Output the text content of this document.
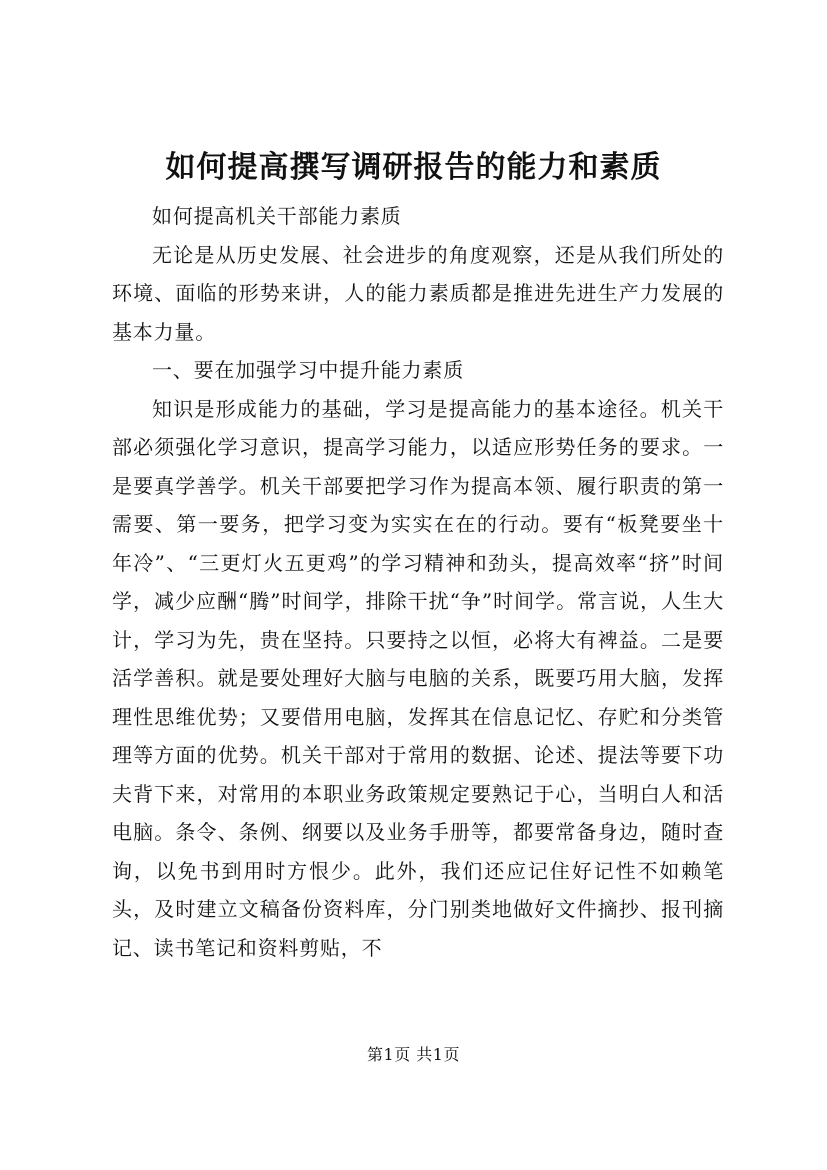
如何提高撰写调研报告的能力和素质

如何提高机关干部能力素质

无论是从历史发展、社会进步的角度观察，还是从我们所处的环境、面临的形势来讲，人的能力素质都是推进先进生产力发展的基本力量。

一、要在加强学习中提升能力素质

知识是形成能力的基础，学习是提高能力的基本途径。机关干部必须强化学习意识，提高学习能力，以适应形势任务的要求。一是要真学善学。机关干部要把学习作为提高本领、履行职责的第一需要、第一要务，把学习变为实实在在的行动。要有“板凳要坐十年冷”、“三更灯火五更鸡”的学习精神和劲头，提高效率“挤”时间学，减少应酬“腾”时间学，排除干扰“争”时间学。常言说，人生大计，学习为先，贵在坚持。只要持之以恒，必将大有裨益。二是要活学善积。就是要处理好大脑与电脑的关系，既要巧用大脑，发挥理性思维优势；又要借用电脑，发挥其在信息记忆、存贮和分类管理等方面的优势。机关干部对于常用的数据、论述、提法等要下功夫背下来，对常用的本职业务政策规定要熟记于心，当明白人和活电脑。条令、条例、纲要以及业务手册等，都要常备身边，随时查询，以免书到用时方恨少。此外，我们还应记住好记性不如赖笔头，及时建立文稿备份资料库，分门别类地做好文件摘抄、报刊摘记、读书笔记和资料剪贴，不

第1页 共1页
